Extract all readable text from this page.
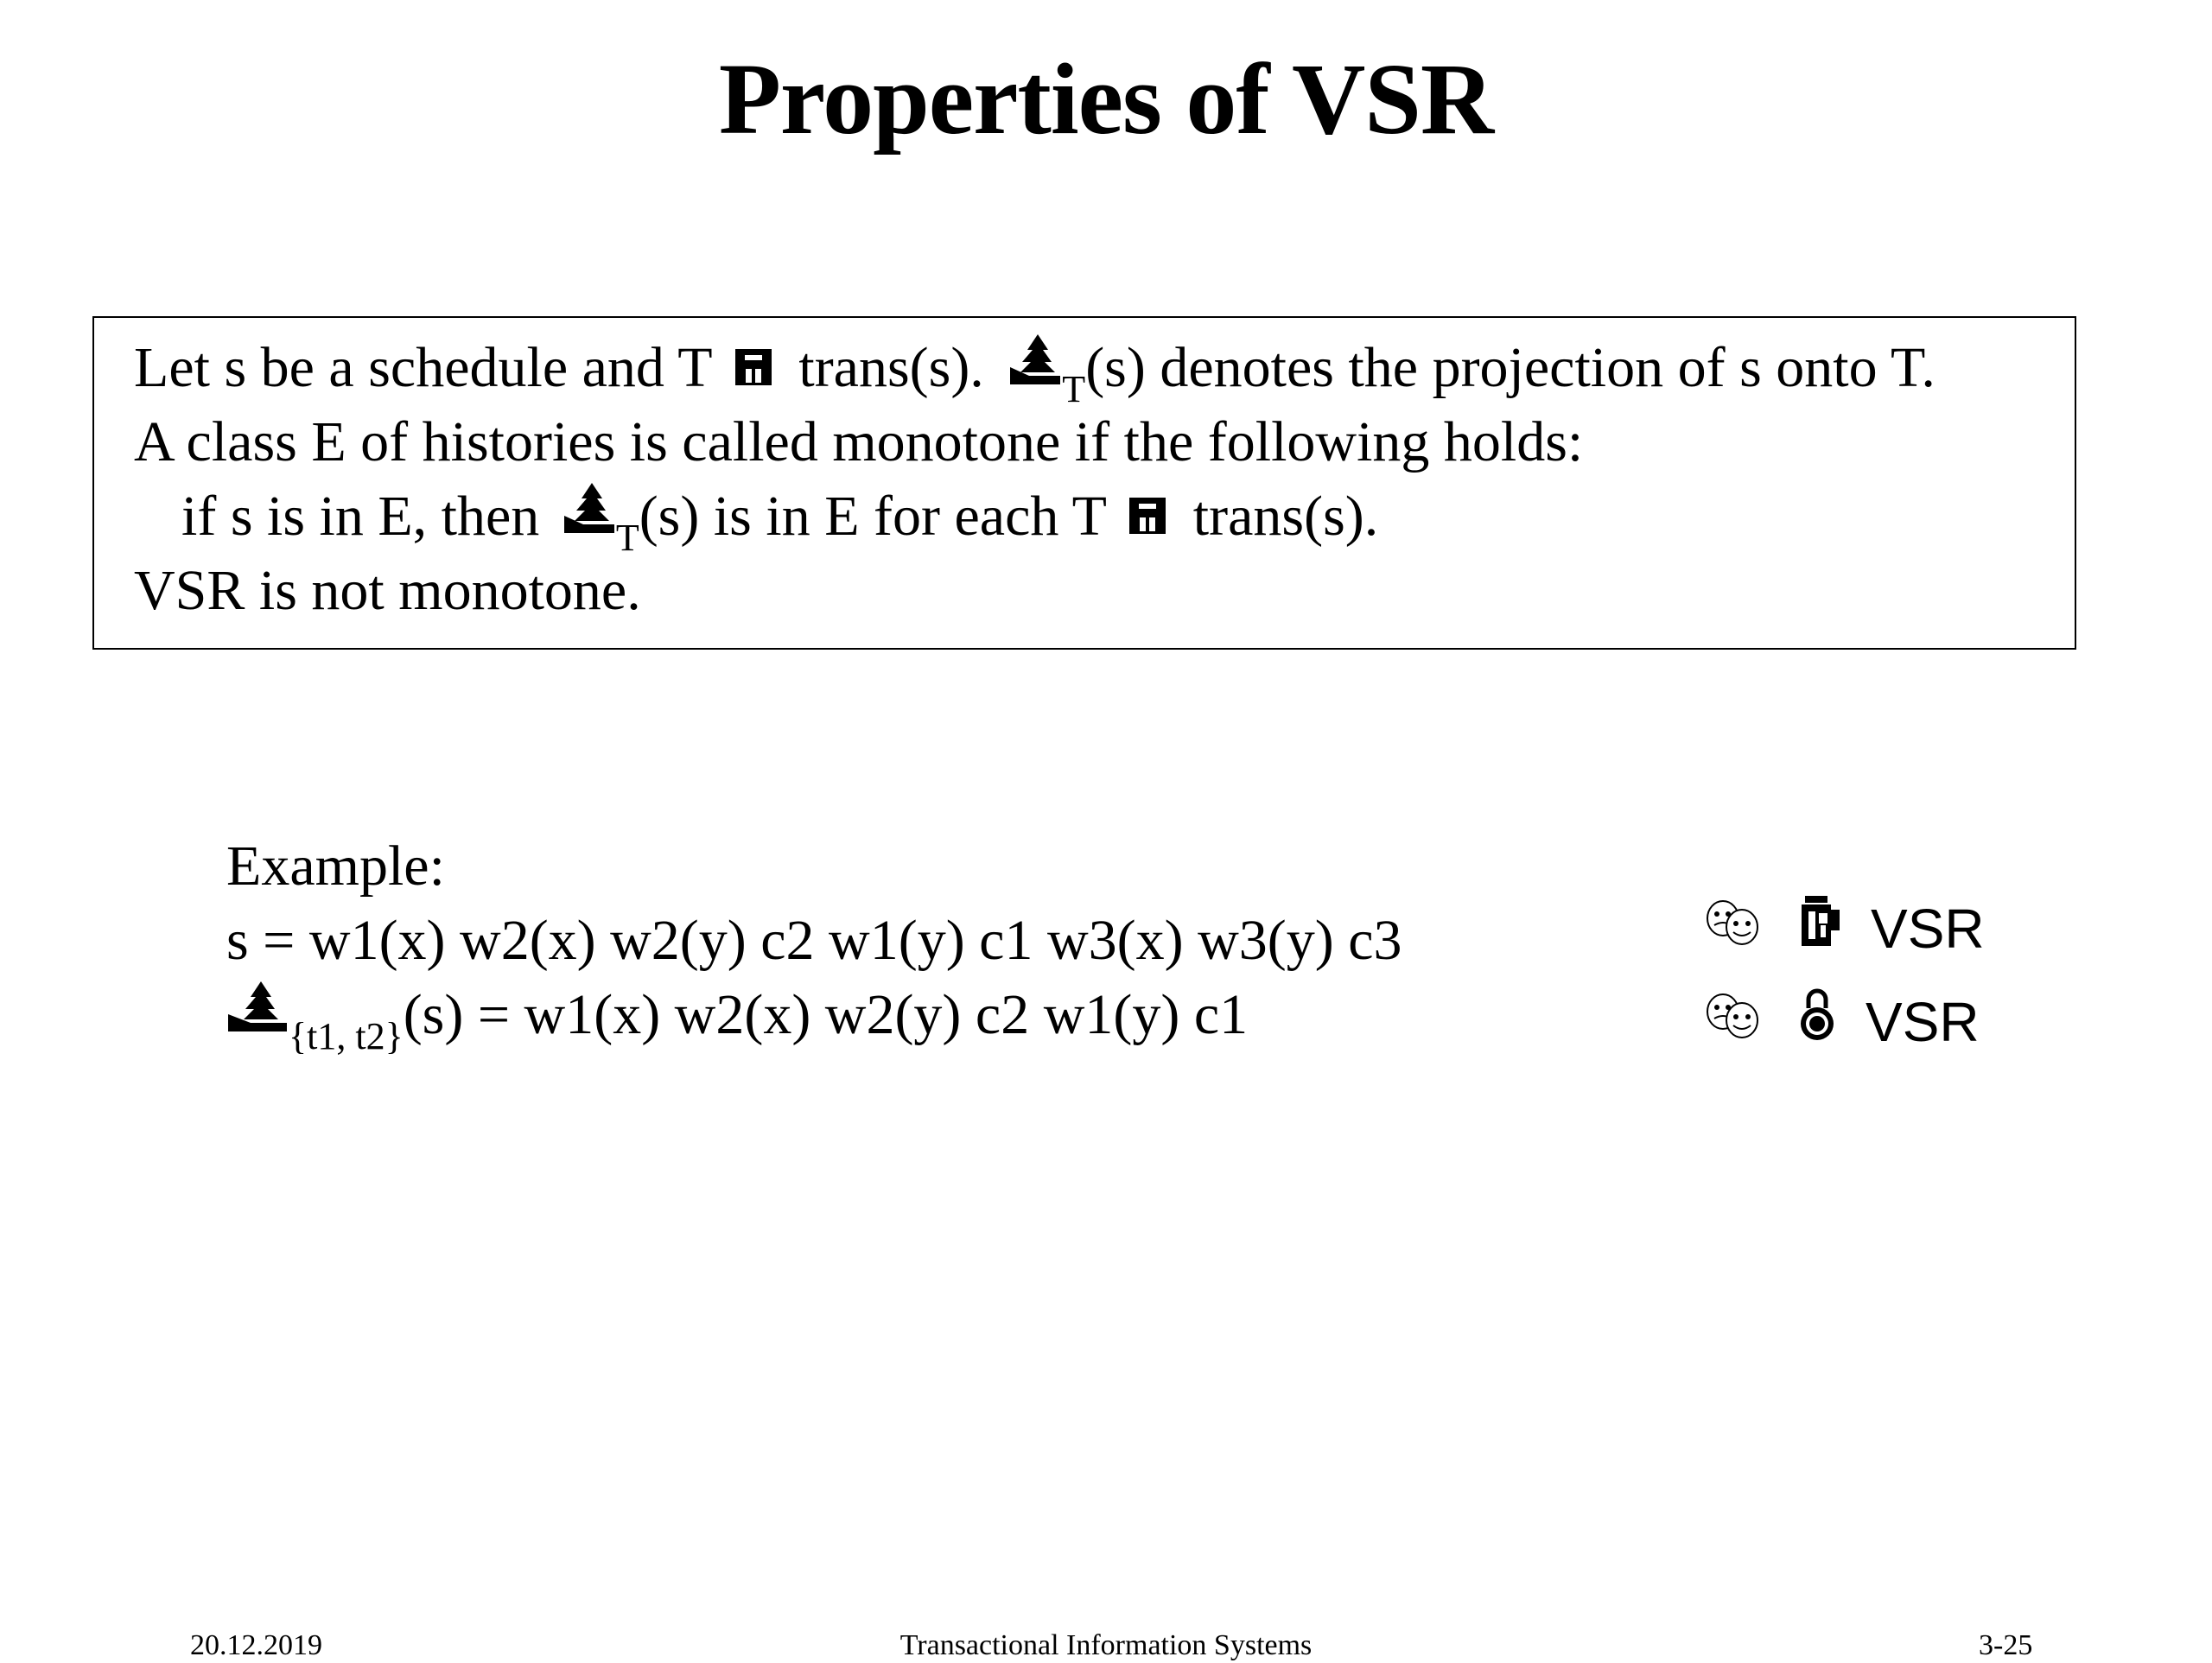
Properties of VSR
Let s be a schedule and T trans(s). $_T$(s) denotes the projection of s onto T.
A class E of histories is called monotone if the following holds:
if s is in E, then $_T$(s) is in E for each T trans(s).
VSR is not monotone.
Example:
s = w1(x) w2(x) w2(y) c2 w1(y) c1 w3(x) w3(y) c3
$_{\{t1, t2\}}$(s) = w1(x) w2(x) w2(y) c2 w1(y) c1
VSR
VSR
20.12.2019	Transactional Information Systems	3-25
